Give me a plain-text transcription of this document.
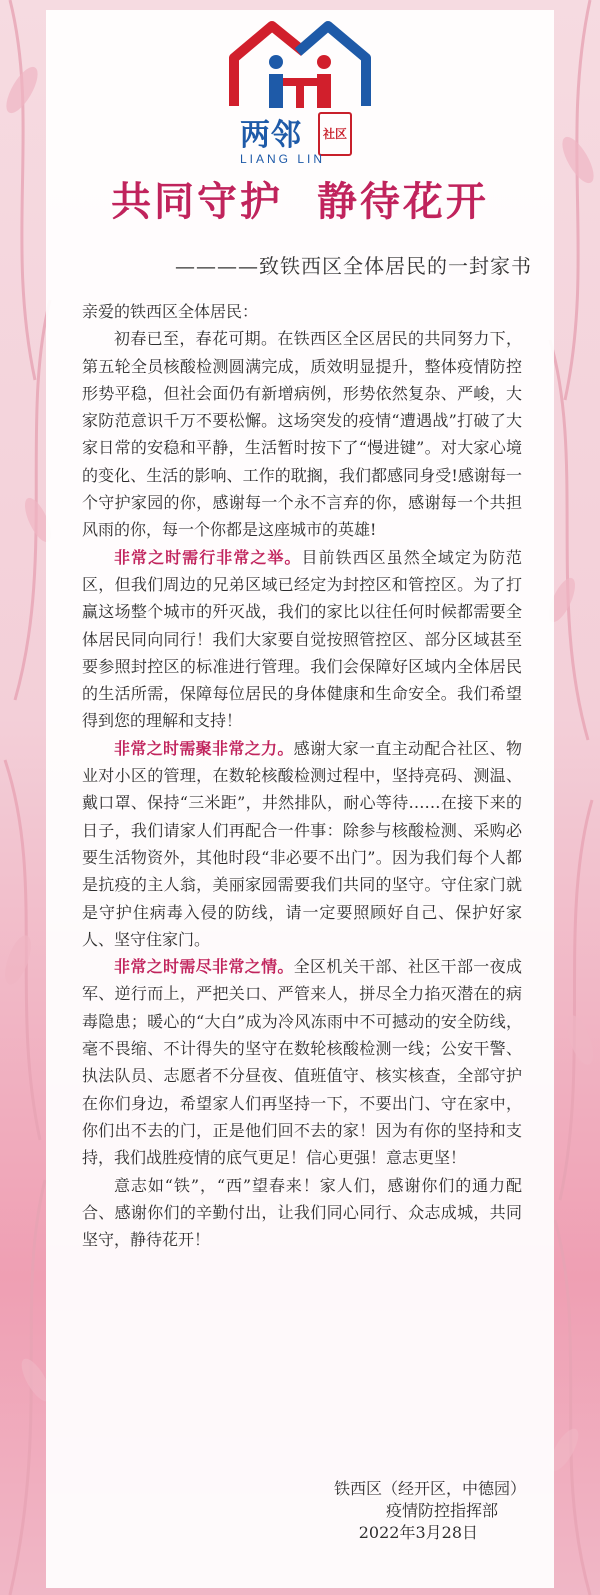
两邻 社区
LIANG LIN
共同守护  静待花开
————致铁西区全体居民的一封家书

亲爱的铁西区全体居民：

初春已至，春花可期。在铁西区全区居民的共同努力下，第五轮全员核酸检测圆满完成，质效明显提升，整体疫情防控形势平稳，但社会面仍有新增病例，形势依然复杂、严峻，大家防范意识千万不要松懈。这场突发的疫情“遭遇战”打破了大家日常的安稳和平静，生活暂时按下了“慢进键”。对大家心境的变化、生活的影响、工作的耽搁，我们都感同身受!感谢每一个守护家园的你，感谢每一个永不言弃的你，感谢每一个共担风雨的你，每一个你都是这座城市的英雄!

非常之时需行非常之举。目前铁西区虽然全域定为防范区，但我们周边的兄弟区域已经定为封控区和管控区。为了打赢这场整个城市的歼灭战，我们的家比以往任何时候都需要全体居民同向同行！我们大家要自觉按照管控区、部分区域甚至要参照封控区的标准进行管理。我们会保障好区域内全体居民的生活所需，保障每位居民的身体健康和生命安全。我们希望得到您的理解和支持！

非常之时需聚非常之力。感谢大家一直主动配合社区、物业对小区的管理，在数轮核酸检测过程中，坚持亮码、测温、戴口罩、保持“三米距”，井然排队，耐心等待……在接下来的日子，我们请家人们再配合一件事：除参与核酸检测、采购必要生活物资外，其他时段“非必要不出门”。因为我们每个人都是抗疫的主人翁，美丽家园需要我们共同的坚守。守住家门就是守护住病毒入侵的防线，请一定要照顾好自己、保护好家人、坚守住家门。

非常之时需尽非常之情。全区机关干部、社区干部一夜成军、逆行而上，严把关口、严管来人，拼尽全力掐灭潜在的病毒隐患；暖心的“大白”成为冷风冻雨中不可撼动的安全防线，毫不畏缩、不计得失的坚守在数轮核酸检测一线；公安干警、执法队员、志愿者不分昼夜、值班值守、核实核查，全部守护在你们身边，希望家人们再坚持一下，不要出门、守在家中，你们出不去的门，正是他们回不去的家！因为有你的坚持和支持，我们战胜疫情的底气更足！信心更强！意志更坚！

意志如“铁”，“西”望春来！家人们，感谢你们的通力配合、感谢你们的辛勤付出，让我们同心同行、众志成城，共同坚守，静待花开！

铁西区（经开区，中德园）
疫情防控指挥部
2022年3月28日
